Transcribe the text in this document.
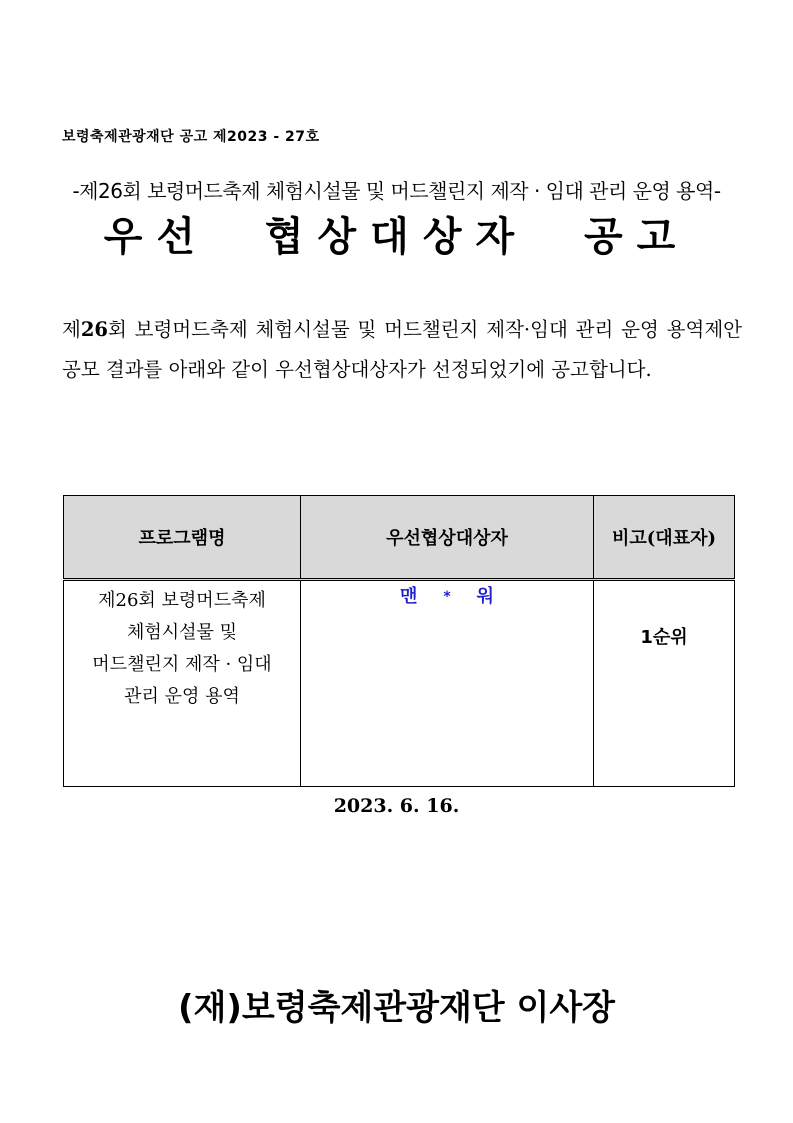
보령축제관광재단 공고 제2023 - 27호
-제26회 보령머드축제 체험시설물 및 머드챌린지 제작 · 임대 관리 운영 용역-
우선  협상대상자  공고
제26회 보령머드축제 체험시설물 및 머드챌린지 제작·임대 관리 운영 용역제안공모 결과를 아래와 같이 우선협상대상자가 선정되었기에 공고합니다.
프로그램명	우선협상대상자	비고(대표자)

제26회 보령머드축제
체험시설물 및
머드챌린지 제작 · 임대
관리 운영 용역	맨 * 워	1순위
2023. 6. 16.
(재)보령축제관광재단 이사장
